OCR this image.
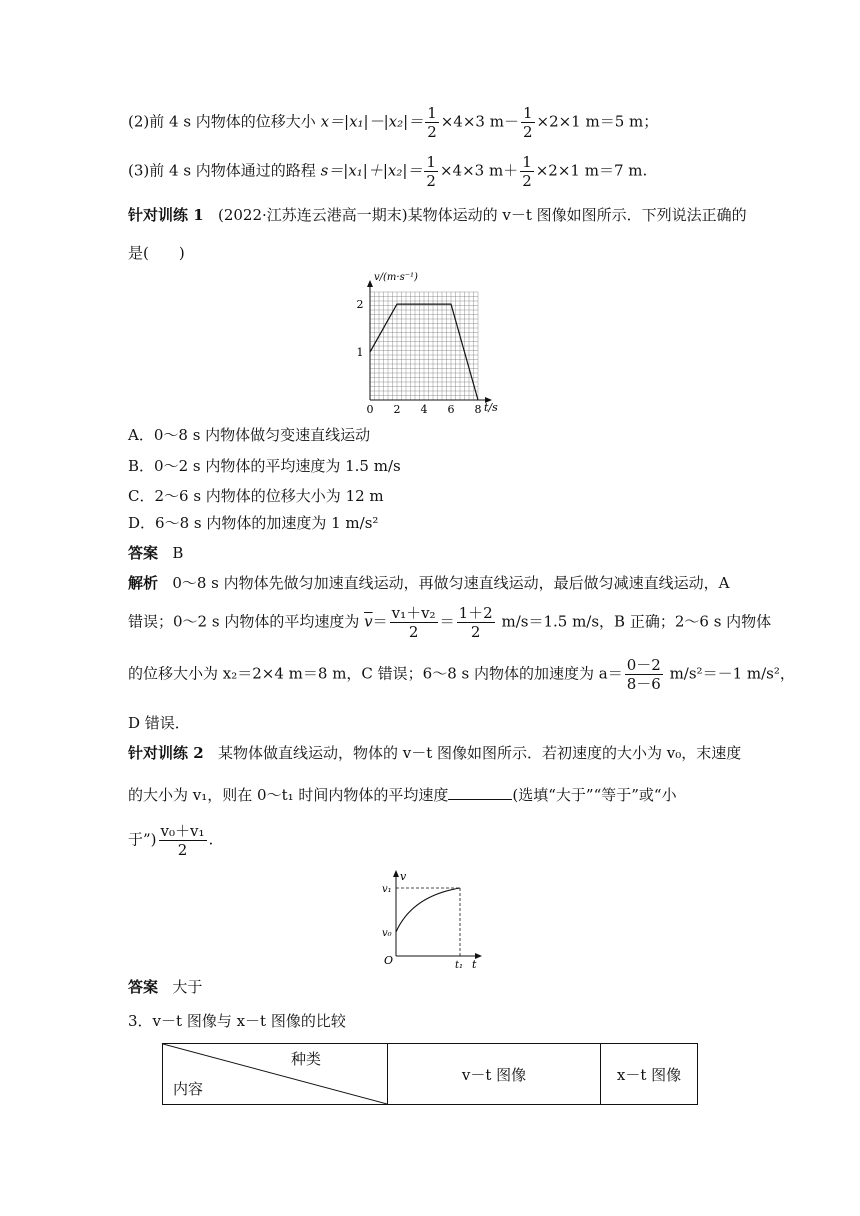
(2)前 4 s 内物体的位移大小 $x=|x_1|-|x_2|= \frac{1}{2} \times 4\times 3$ $m- \frac{1}{2} \times 2\times 1$ m＝5 m；
(3)前 4 s 内物体通过的路程 $s=|x_1|+|x_2|= \frac{1}{2} \times 4\times 3$ $m+ \frac{1}{2} \times 2\times 1$ m＝7 m.
针对训练 1 (2022·江苏连云港高一期末)某物体运动的 v－t 图像如图所示．下列说法正确的
是(　　)
v/(m·s⁻¹)
t/s
1
2
0 2 4 6 8
A．0～8 s 内物体做匀变速直线运动
B．0～2 s 内物体的平均速度为 1.5 m/s
C．2～6 s 内物体的位移大小为 12 m
D．6～8 s 内物体的加速度为 1 m/s²
答案 B
解析 0～8 s 内物体先做匀加速直线运动，再做匀速直线运动，最后做匀减速直线运动，A
错误；0～2 s 内物体的平均速度为 $\overline{v}= \frac{\text{v₁＋v₂}}{2} = \frac{1+2}{2} m/s=1.5$ m/s，B 正确；2～6 s 内物体
的位移大小为 x₂＝2×4 m＝8 m，C 错误；6～8 s 内物体的加速度为 $a= \frac{0-2}{8-6} m/s^2=-1$ m/s²，
D 错误．
针对训练 2 某物体做直线运动，物体的 v－t 图像如图所示．若初速度的大小为 v₀，末速度
的大小为 v₁，则在 0～t₁ 时间内物体的平均速度	(选填“大于”“等于”或“小
于”) $\frac{\text{v₀＋v₁}}{2}$ .
v
v₁
v₀
O	t₁ t
答案 大于
3．v－t 图像与 x－t 图像的比较
种类
内容
	v－t 图像	x－t 图像
